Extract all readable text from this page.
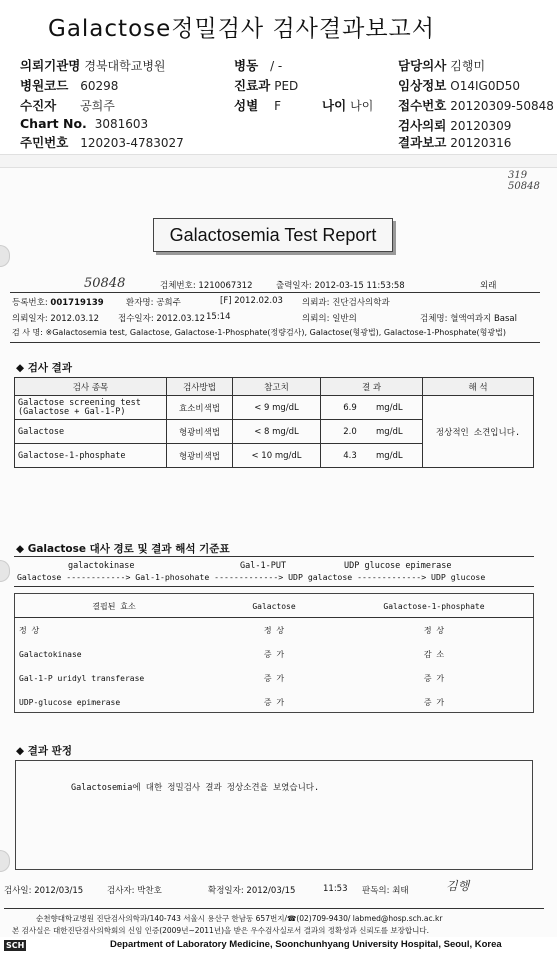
Galactose정밀검사 검사결과보고서
의뢰기관명 경북대학교병원	병동 / -	담당의사 김행미
병원코드 60298	진료과 PED	임상정보 O14IG0D50
수진자 공희주	성별 F	나이 나이 접수번호 20120309-50848
Chart No. 3081603	검사의뢰 20120309
주민번호 120203-4783027	결과보고 20120316
319 50848
Galactosemia Test Report
50848	검체번호: 1210067312	출력일자: 2012-03-15 11:53:58	외래
등록번호: 001719139	환자명: 공희주	[F] 2012.02.03 의뢰과: 진단검사의학과
의뢰일자: 2012.03.12 접수일자: 2012.03.12 15:14	의뢰의: 일반의	검체명: 혈액여과지 Basal
검 사 명: ※Galactosemia test, Galactose, Galactose-1-Phosphate(정량검사), Galactose(형광법), Galactose-1-Phosphate(형광법)
◆ 검사 결과
검사 종목	검사방법	참고치	결 과	해 석
Galactose screening test (Galactose + Gal-1-P)	효소비색법	< 9 mg/dL	6.9 mg/dL	정상적인 소견입니다.
Galactose	형광비색법	< 8 mg/dL	2.0 mg/dL	
Galactose-1-phosphate	형광비색법	< 10 mg/dL	4.3 mg/dL	
◆ Galactose 대사 경로 및 결과 해석 기준표
galactokinase	Gal-1-PUT	UDP glucose epimerase
Galactose ------------> Gal-1-phosohate -------------> UDP galactose -------------> UDP glucose
결핍된 효소	Galactose	Galactose-1-phosphate
정 상	정 상	정 상
Galactokinase	증 가	감 소
Gal-1-P uridyl transferase	증 가	증 가
UDP-glucose epimerase	증 가	증 가
◆ 결과 판정
Galactosemia에 대한 정밀검사 결과 정상소견을 보였습니다.
검사일: 2012/03/15	검사자: 박찬호	확정일자: 2012/03/15	11:53 판독의: 최태	김행
순천향대학교병원 진단검사의학과/140-743 서울시 용산구 한남동 657번지/☎(02)709-9430/ labmed@hosp.sch.ac.kr
본 검사실은 대한진단검사의학회의 신임 인증(2009년~2011년)을 받은 우수검사실로서 결과의 정확성과 신뢰도를 보장합니다.
SCH	Department of Laboratory Medicine, Soonchunhyang University Hospital, Seoul, Korea
